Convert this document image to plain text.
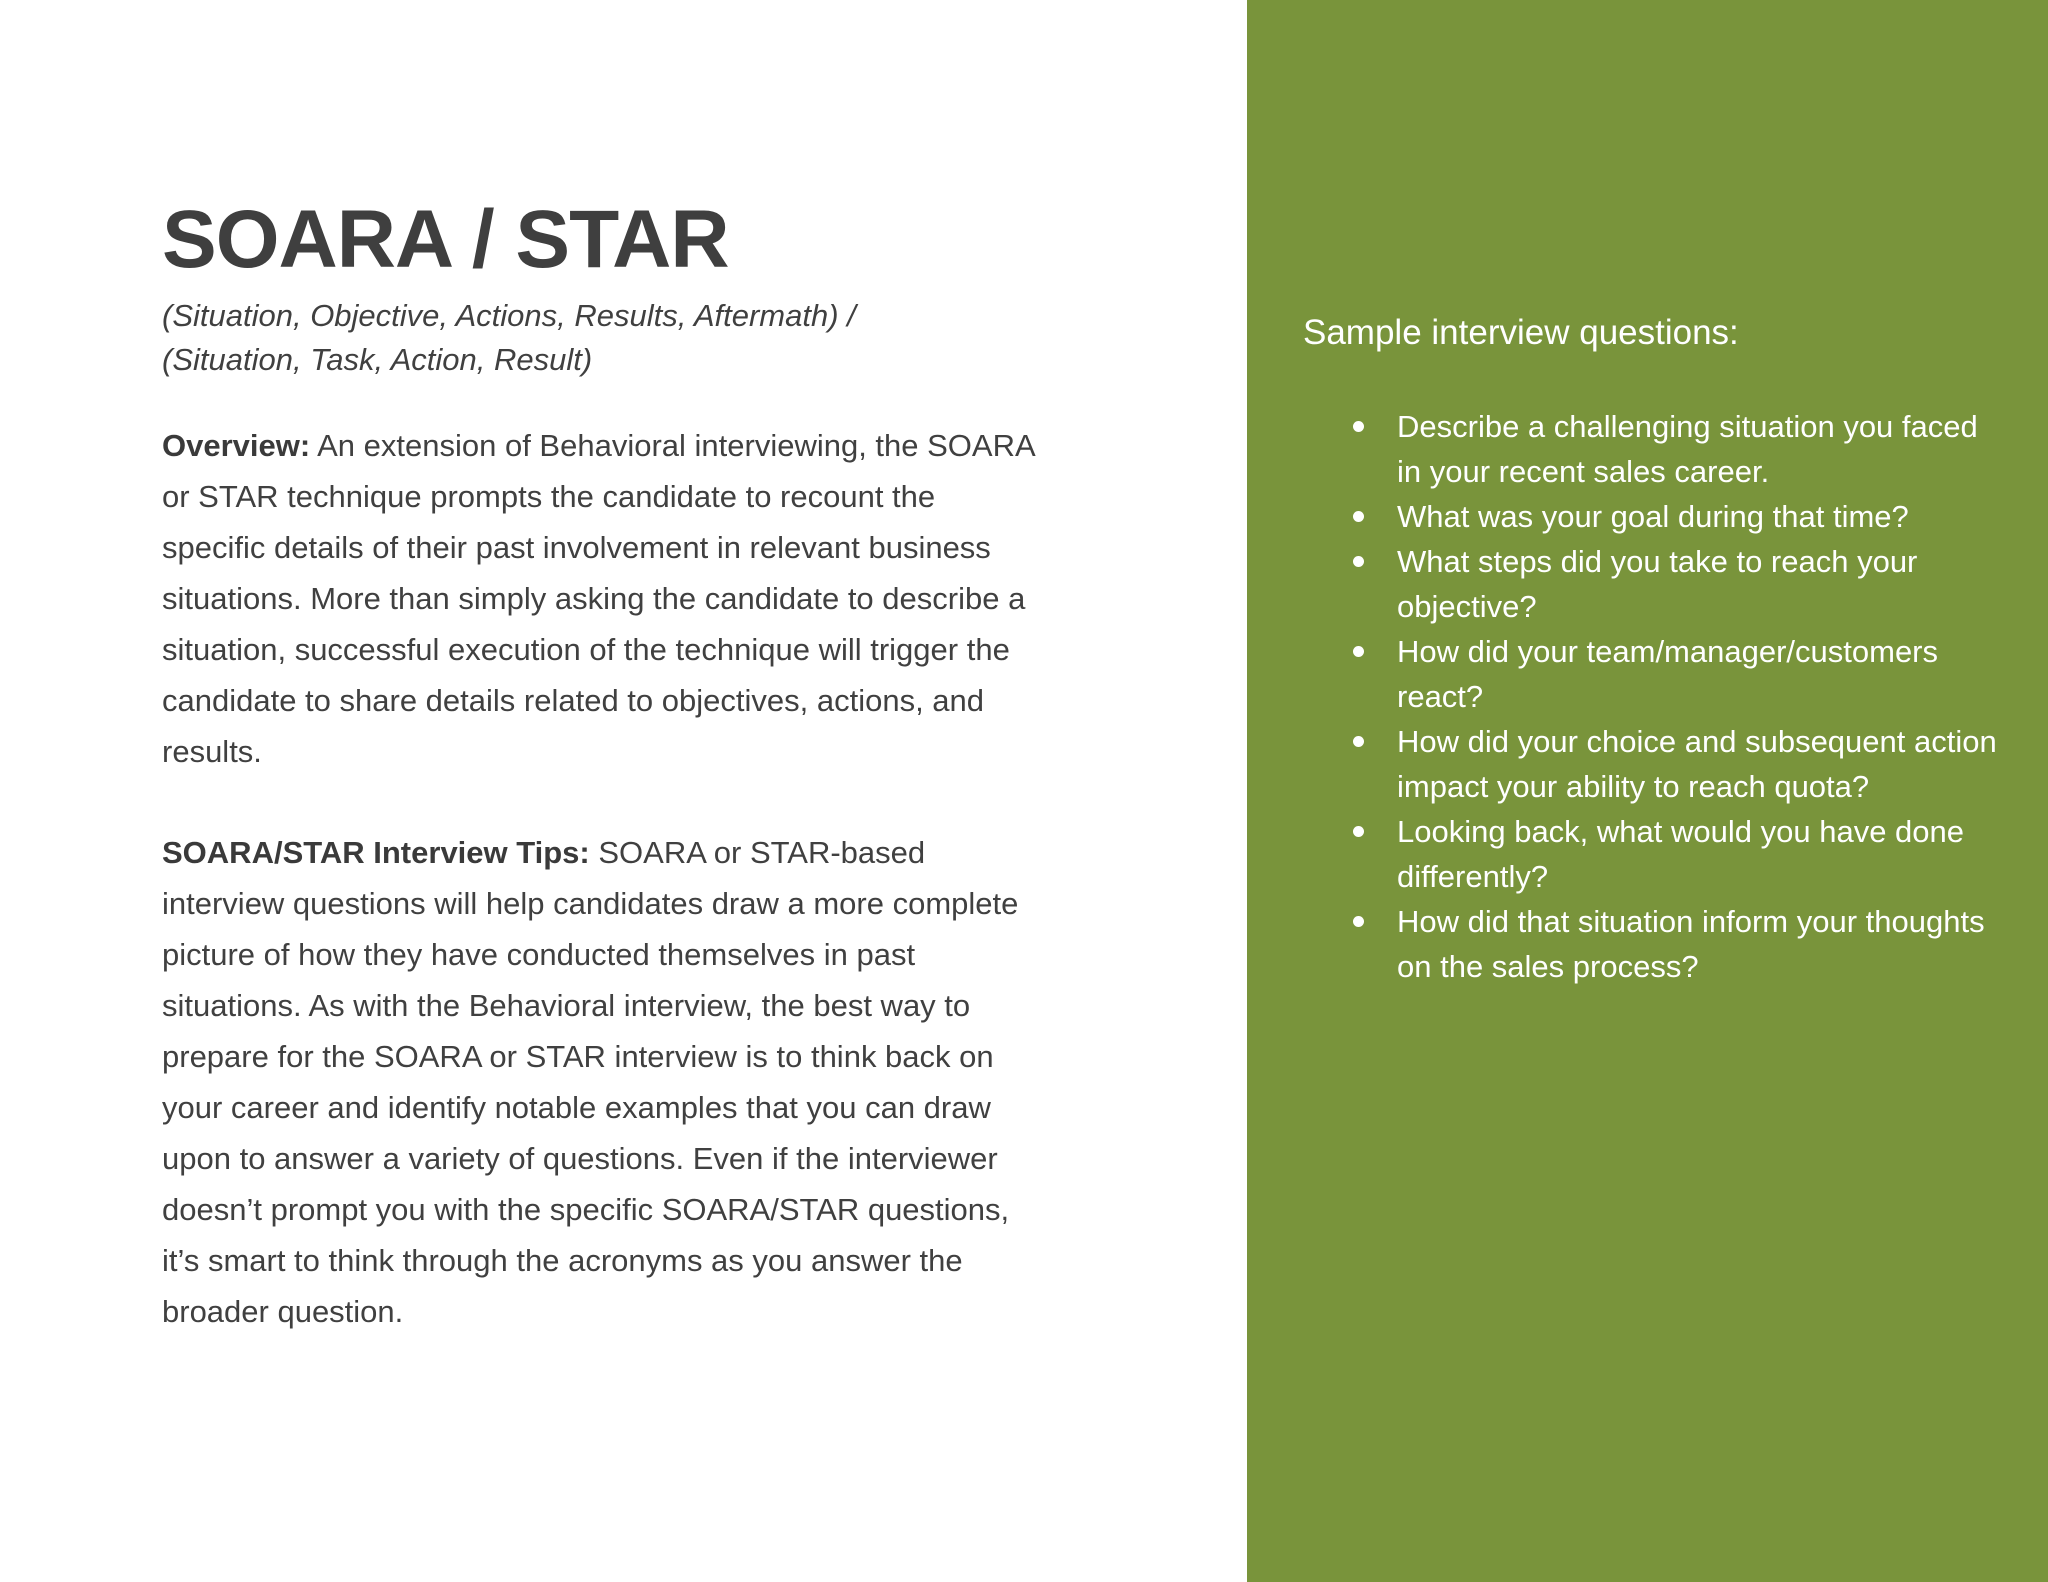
SOARA / STAR
(Situation, Objective, Actions, Results, Aftermath) /
(Situation, Task, Action, Result)

Overview: An extension of Behavioral interviewing, the SOARA or STAR technique prompts the candidate to recount the specific details of their past involvement in relevant business situations. More than simply asking the candidate to describe a situation, successful execution of the technique will trigger the candidate to share details related to objectives, actions, and results.

SOARA/STAR Interview Tips: SOARA or STAR-based interview questions will help candidates draw a more complete picture of how they have conducted themselves in past situations. As with the Behavioral interview, the best way to prepare for the SOARA or STAR interview is to think back on your career and identify notable examples that you can draw upon to answer a variety of questions. Even if the interviewer doesn’t prompt you with the specific SOARA/STAR questions, it’s smart to think through the acronyms as you answer the broader question.

Sample interview questions:
Describe a challenging situation you faced in your recent sales career.
What was your goal during that time?
What steps did you take to reach your objective?
How did your team/manager/customers react?
How did your choice and subsequent action impact your ability to reach quota?
Looking back, what would you have done differently?
How did that situation inform your thoughts on the sales process?
